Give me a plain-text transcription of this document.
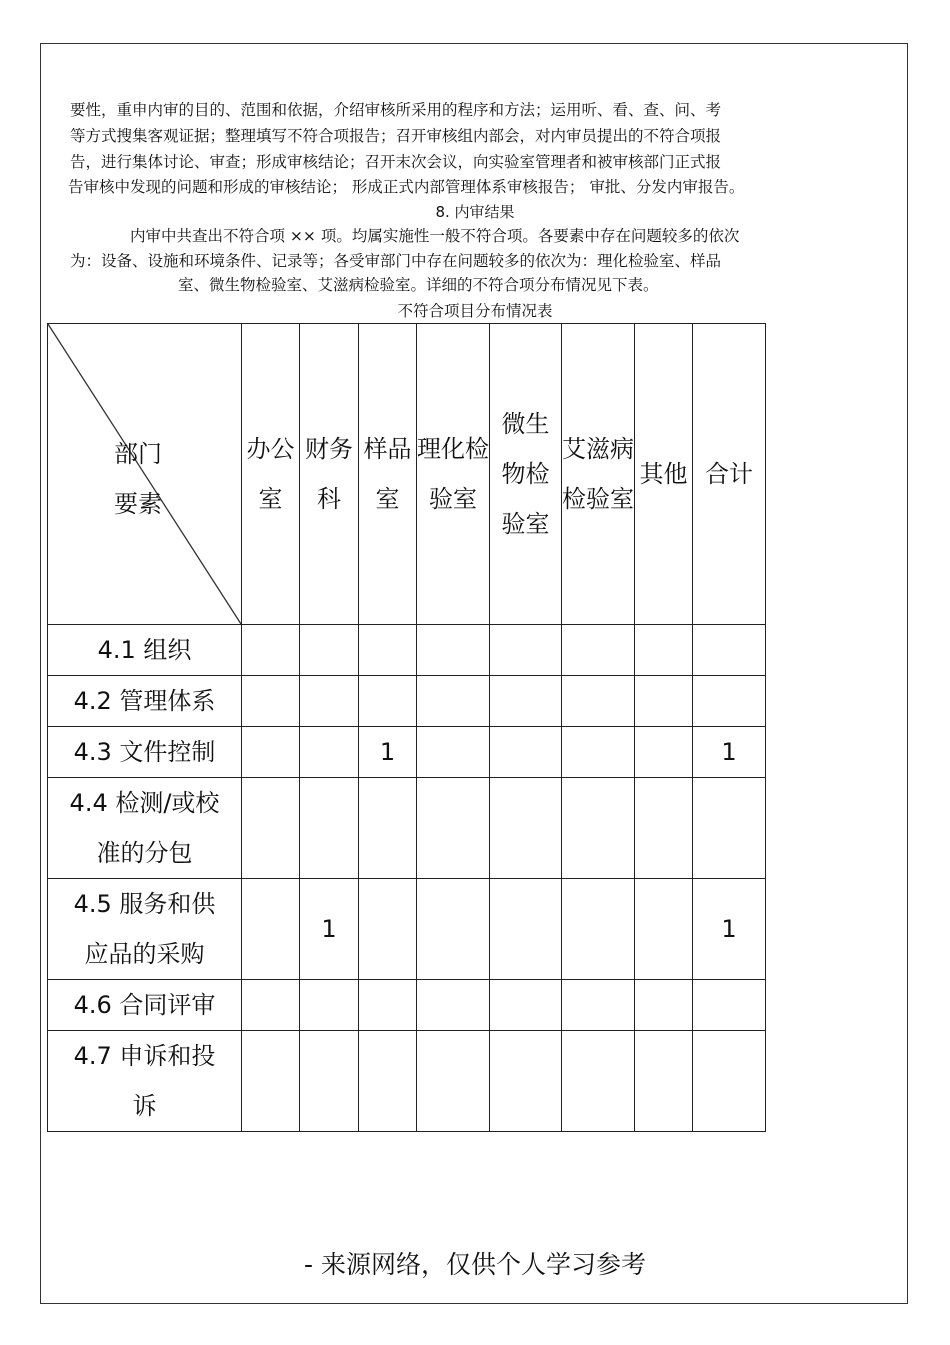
要性，重申内审的目的、范围和依据，介绍审核所采用的程序和方法；运用听、看、查、问、考
等方式搜集客观证据；整理填写不符合项报告；召开审核组内部会，对内审员提出的不符合项报
告，进行集体讨论、审查；形成审核结论；召开末次会议，向实验室管理者和被审核部门正式报
告审核中发现的问题和形成的审核结论； 形成正式内部管理体系审核报告； 审批、分发内审报告。
8. 内审结果
内审中共查出不符合项 ×× 项。均属实施性一般不符合项。各要素中存在问题较多的依次
为：设备、设施和环境条件、记录等；各受审部门中存在问题较多的依次为：理化检验室、样品
室、微生物检验室、艾滋病检验室。详细的不符合项分布情况见下表。
不符合项目分布情况表
部门
要素	办公室	财务科	样品室	理化检验室	微生物检验室	艾滋病检验室	其他	合计

4.1 组织								
4.2 管理体系								
4.3 文件控制			1					1
4.4 检测/或校准的分包								
4.5 服务和供应品的采购		1						1
4.6 合同评审								
4.7 申诉和投诉								
- 来源网络，仅供个人学习参考
